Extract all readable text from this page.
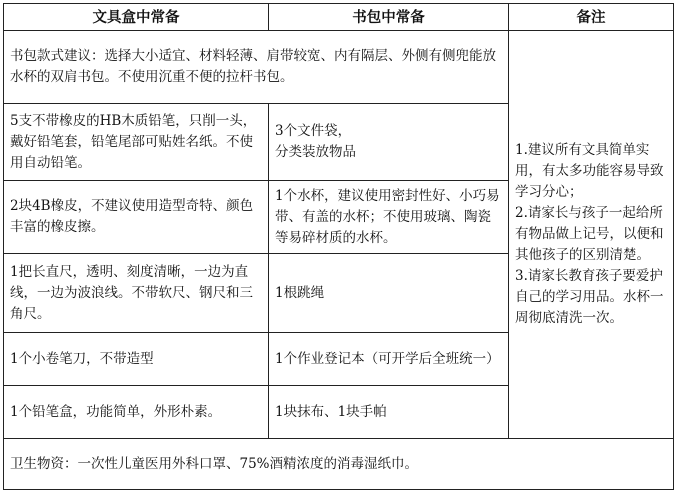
文具盒中常备	书包中常备	备注
书包款式建议：选择大小适宜、材料轻薄、肩带较宽、内有隔层、外侧有侧兜能放水杯的双肩书包。不使用沉重不便的拉杆书包。		1.建议所有文具简单实用，有太多功能容易导致学习分心；
2.请家长与孩子一起给所有物品做上记号，以便和其他孩子的区别清楚。
3.请家长教育孩子要爱护自己的学习用品。水杯一周彻底清洗一次。

5支不带橡皮的HB木质铅笔，只削一头，戴好铅笔套，铅笔尾部可贴姓名纸。不使用自动铅笔。	3个文件袋，
分类装放物品	
2块4B橡皮，不建议使用造型奇特、颜色丰富的橡皮擦。	1个水杯，建议使用密封性好、小巧易带、有盖的水杯；不使用玻璃、陶瓷等易碎材质的水杯。	
1把长直尺，透明、刻度清晰，一边为直线，一边为波浪线。不带软尺、钢尺和三角尺。	1根跳绳	
1个小卷笔刀，不带造型	1个作业登记本（可开学后全班统一）	
1个铅笔盒，功能简单，外形朴素。	1块抹布、1块手帕	
卫生物资：一次性儿童医用外科口罩、75%酒精浓度的消毒湿纸巾。		
